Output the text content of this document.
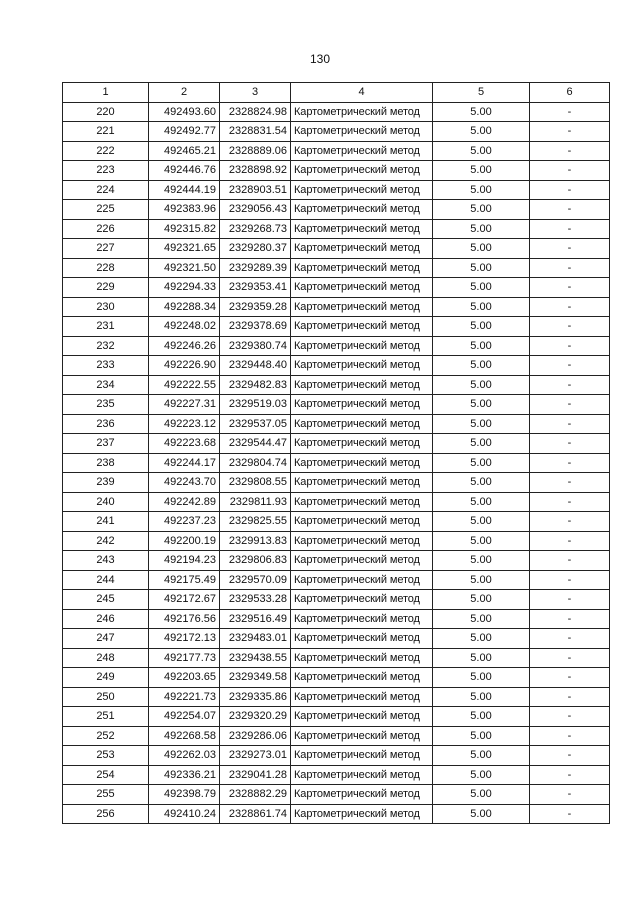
130
1	2	3	4	5	6
220	492493.60	2328824.98	Картометрический метод	5.00	-
221	492492.77	2328831.54	Картометрический метод	5.00	-
222	492465.21	2328889.06	Картометрический метод	5.00	-
223	492446.76	2328898.92	Картометрический метод	5.00	-
224	492444.19	2328903.51	Картометрический метод	5.00	-
225	492383.96	2329056.43	Картометрический метод	5.00	-
226	492315.82	2329268.73	Картометрический метод	5.00	-
227	492321.65	2329280.37	Картометрический метод	5.00	-
228	492321.50	2329289.39	Картометрический метод	5.00	-
229	492294.33	2329353.41	Картометрический метод	5.00	-
230	492288.34	2329359.28	Картометрический метод	5.00	-
231	492248.02	2329378.69	Картометрический метод	5.00	-
232	492246.26	2329380.74	Картометрический метод	5.00	-
233	492226.90	2329448.40	Картометрический метод	5.00	-
234	492222.55	2329482.83	Картометрический метод	5.00	-
235	492227.31	2329519.03	Картометрический метод	5.00	-
236	492223.12	2329537.05	Картометрический метод	5.00	-
237	492223.68	2329544.47	Картометрический метод	5.00	-
238	492244.17	2329804.74	Картометрический метод	5.00	-
239	492243.70	2329808.55	Картометрический метод	5.00	-
240	492242.89	2329811.93	Картометрический метод	5.00	-
241	492237.23	2329825.55	Картометрический метод	5.00	-
242	492200.19	2329913.83	Картометрический метод	5.00	-
243	492194.23	2329806.83	Картометрический метод	5.00	-
244	492175.49	2329570.09	Картометрический метод	5.00	-
245	492172.67	2329533.28	Картометрический метод	5.00	-
246	492176.56	2329516.49	Картометрический метод	5.00	-
247	492172.13	2329483.01	Картометрический метод	5.00	-
248	492177.73	2329438.55	Картометрический метод	5.00	-
249	492203.65	2329349.58	Картометрический метод	5.00	-
250	492221.73	2329335.86	Картометрический метод	5.00	-
251	492254.07	2329320.29	Картометрический метод	5.00	-
252	492268.58	2329286.06	Картометрический метод	5.00	-
253	492262.03	2329273.01	Картометрический метод	5.00	-
254	492336.21	2329041.28	Картометрический метод	5.00	-
255	492398.79	2328882.29	Картометрический метод	5.00	-
256	492410.24	2328861.74	Картометрический метод	5.00	-
